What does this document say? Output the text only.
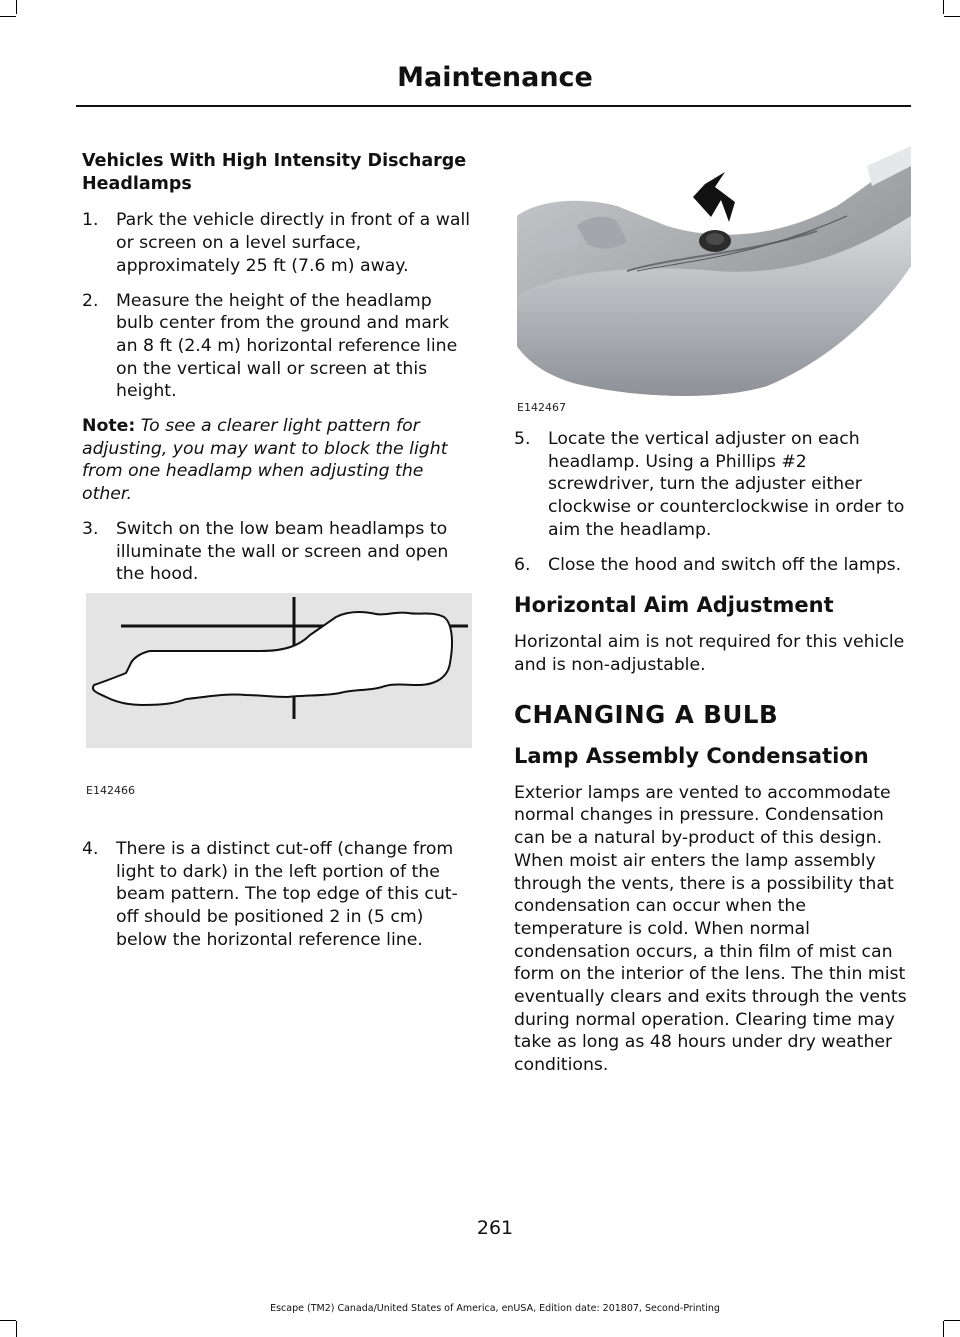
Maintenance
Vehicles With High Intensity Discharge Headlamps
1. Park the vehicle directly in front of a wall or screen on a level surface, approximately 25 ft (7.6 m) away.
2. Measure the height of the headlamp bulb center from the ground and mark an 8 ft (2.4 m) horizontal reference line on the vertical wall or screen at this height.

Note: To see a clearer light pattern for adjusting, you may want to block the light from one headlamp when adjusting the other.

3. Switch on the low beam headlamps to illuminate the wall or screen and open the hood.
E142466
4. There is a distinct cut-off (change from light to dark) in the left portion of the beam pattern. The top edge of this cut-off should be positioned 2 in (5 cm) below the horizontal reference line.
E142467
5. Locate the vertical adjuster on each headlamp. Using a Phillips #2 screwdriver, turn the adjuster either clockwise or counterclockwise in order to aim the headlamp.
6. Close the hood and switch off the lamps.
Horizontal Aim Adjustment

Horizontal aim is not required for this vehicle and is non-adjustable.

CHANGING A BULB
Lamp Assembly Condensation

Exterior lamps are vented to accommodate normal changes in pressure. Condensation can be a natural by-product of this design. When moist air enters the lamp assembly through the vents, there is a possibility that condensation can occur when the temperature is cold. When normal condensation occurs, a thin film of mist can form on the interior of the lens. The thin mist eventually clears and exits through the vents during normal operation. Clearing time may take as long as 48 hours under dry weather conditions.

261
Escape (TM2) Canada/United States of America, enUSA, Edition date: 201807, Second-Printing
